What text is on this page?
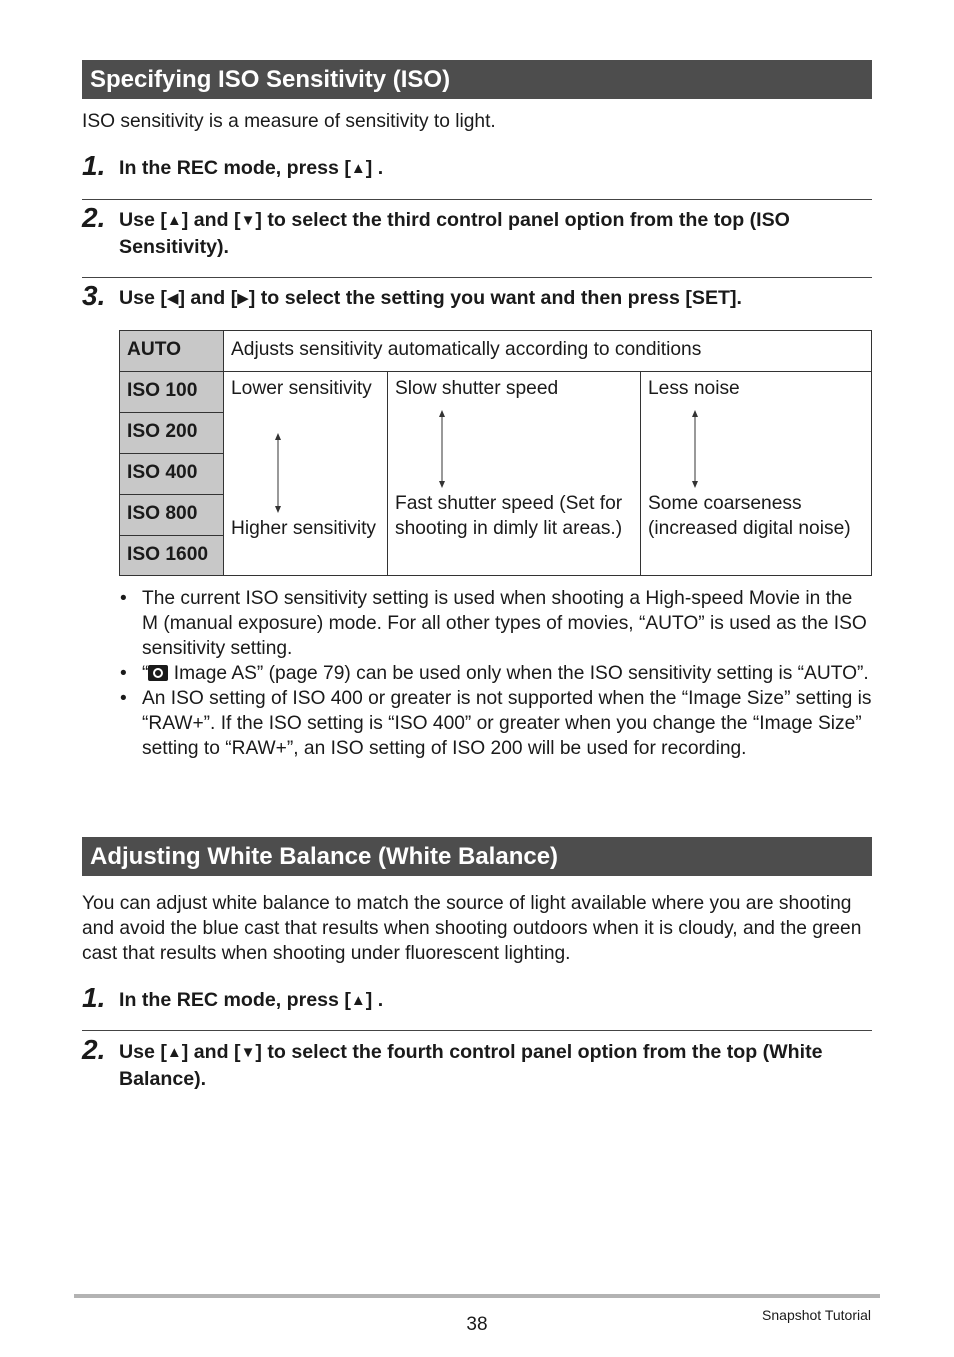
Specifying ISO Sensitivity (ISO)
ISO sensitivity is a measure of sensitivity to light.
1. In the REC mode, press [▲] .
2. Use [▲] and [▼] to select the third control panel option from the top (ISO Sensitivity).
3. Use [◀] and [▶] to select the setting you want and then press [SET].
AUTO	Adjusts sensitivity automatically according to conditions
ISO 100
ISO 200
ISO 400
ISO 800
ISO 1600
Lower sensitivity
Higher sensitivity
Slow shutter speed
Fast shutter speed (Set for shooting in dimly lit areas.)
Less noise
Some coarseness (increased digital noise)

• The current ISO sensitivity setting is used when shooting a High-speed Movie in the M (manual exposure) mode. For all other types of movies, “AUTO” is used as the ISO sensitivity setting.

• “ Image AS” (page 79) can be used only when the ISO sensitivity setting is “AUTO”.

• An ISO setting of ISO 400 or greater is not supported when the “Image Size” setting is “RAW+”. If the ISO setting is “ISO 400” or greater when you change the “Image Size” setting to “RAW+”, an ISO setting of ISO 200 will be used for recording.

Adjusting White Balance (White Balance)
You can adjust white balance to match the source of light available where you are shooting and avoid the blue cast that results when shooting outdoors when it is cloudy, and the green cast that results when shooting under fluorescent lighting.
1. In the REC mode, press [▲] .
2. Use [▲] and [▼] to select the fourth control panel option from the top (White Balance).
38	Snapshot Tutorial
